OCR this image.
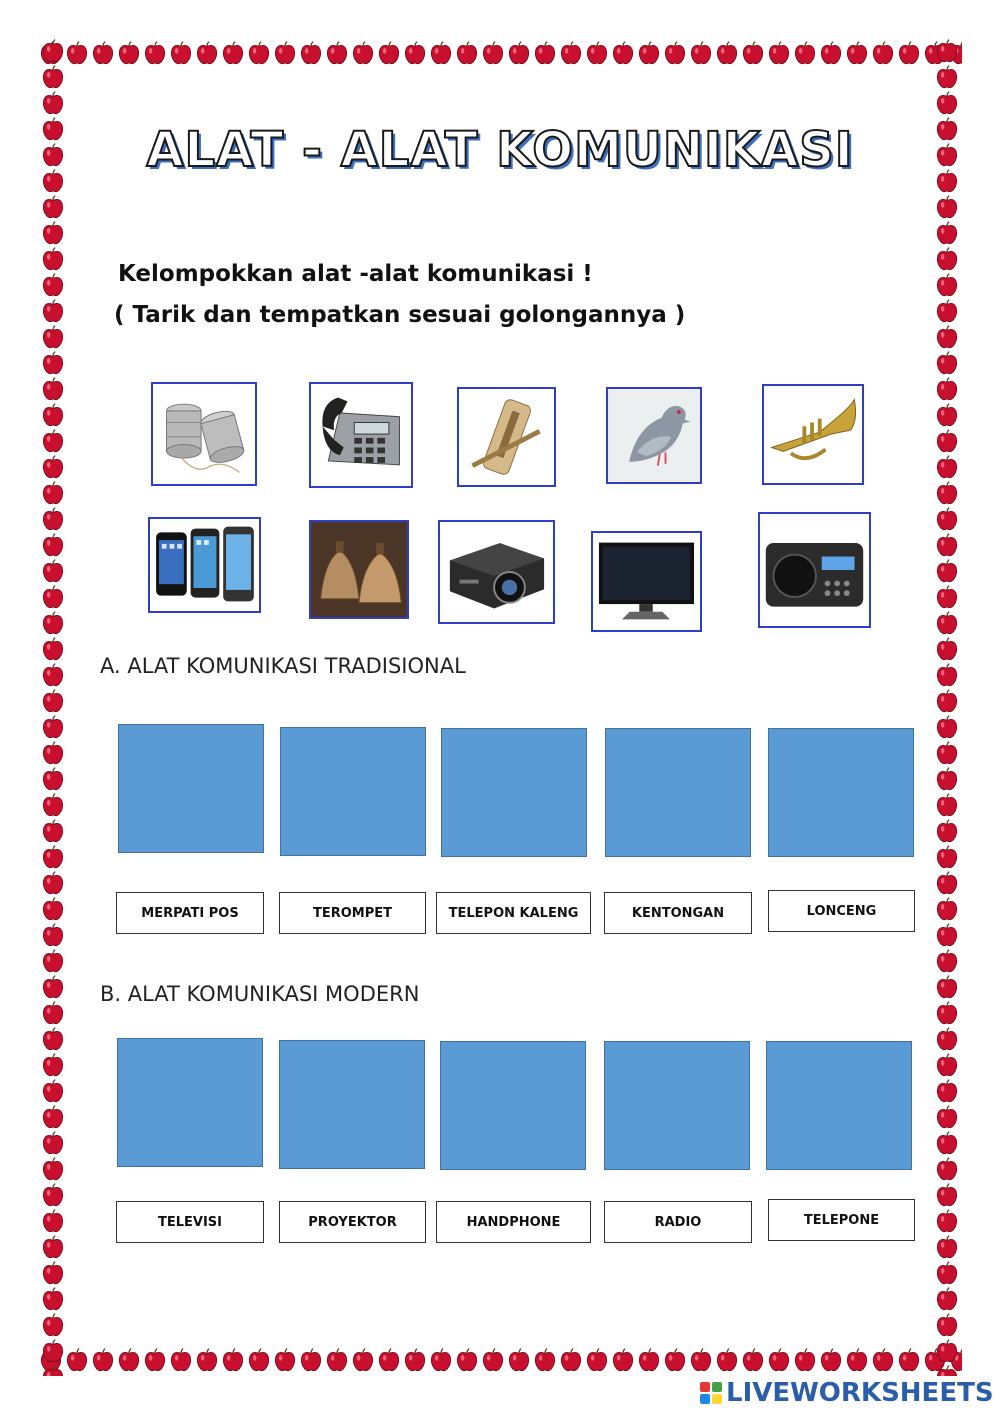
ALAT - ALAT KOMUNIKASI
Kelompokkan alat -alat komunikasi !
( Tarik dan tempatkan sesuai golongannya )
A. ALAT KOMUNIKASI TRADISIONAL
MERPATI POS	TEROMPET	TELEPON KALENG	KENTONGAN	LONCENG
B. ALAT KOMUNIKASI MODERN
TELEVISI	PROYEKTOR	HANDPHONE	RADIO	TELEPONE
LIVEWORKSHEETS
